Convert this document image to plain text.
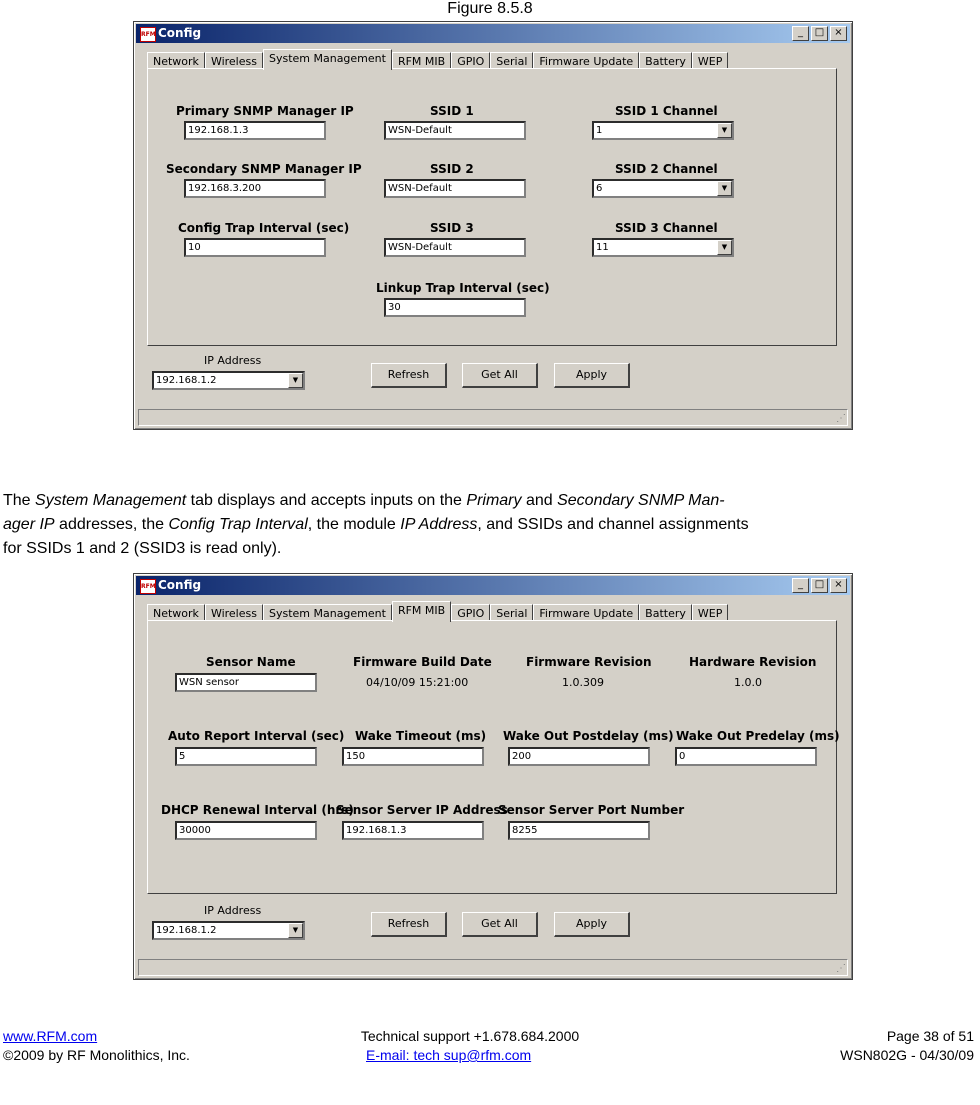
Figure 8.5.8
RFM Config	_	□	×
Network	Wireless	System Management	RFM MIB	GPIO	Serial	Firmware Update	Battery	WEP
Primary SNMP Manager IP
192.168.1.3
Secondary SNMP Manager IP
192.168.3.200
Config Trap Interval (sec)
10
SSID 1
WSN-Default
SSID 2
WSN-Default
SSID 3
WSN-Default
SSID 1 Channel
1	▼
SSID 2 Channel
6	▼
SSID 3 Channel
11	▼
Linkup Trap Interval (sec)
30
IP Address
192.168.1.2	▼	Refresh	Get All	Apply
⋰
The System Management tab displays and accepts inputs on the Primary and Secondary SNMP Man-
ager IP addresses, the Config Trap Interval, the module IP Address, and SSIDs and channel assignments
for SSIDs 1 and 2 (SSID3 is read only).
RFM Config	_	□	×
Network	Wireless	System Management	RFM MIB	GPIO	Serial	Firmware Update	Battery	WEP
Sensor Name
WSN sensor
Firmware Build Date
04/10/09 15:21:00
Firmware Revision
1.0.309
Hardware Revision
1.0.0
Auto Report Interval (sec)
5
Wake Timeout (ms)
150
Wake Out Postdelay (ms)
200
Wake Out Predelay (ms)
0
DHCP Renewal Interval (hrs)
30000
Sensor Server IP Address
192.168.1.3
Sensor Server Port Number
8255
IP Address
192.168.1.2	▼	Refresh	Get All	Apply
⋰
www.RFM.com
©2009 by RF Monolithics, Inc.
Technical support +1.678.684.2000
E-mail: tech sup@rfm.com
Page 38 of 51
WSN802G - 04/30/09
